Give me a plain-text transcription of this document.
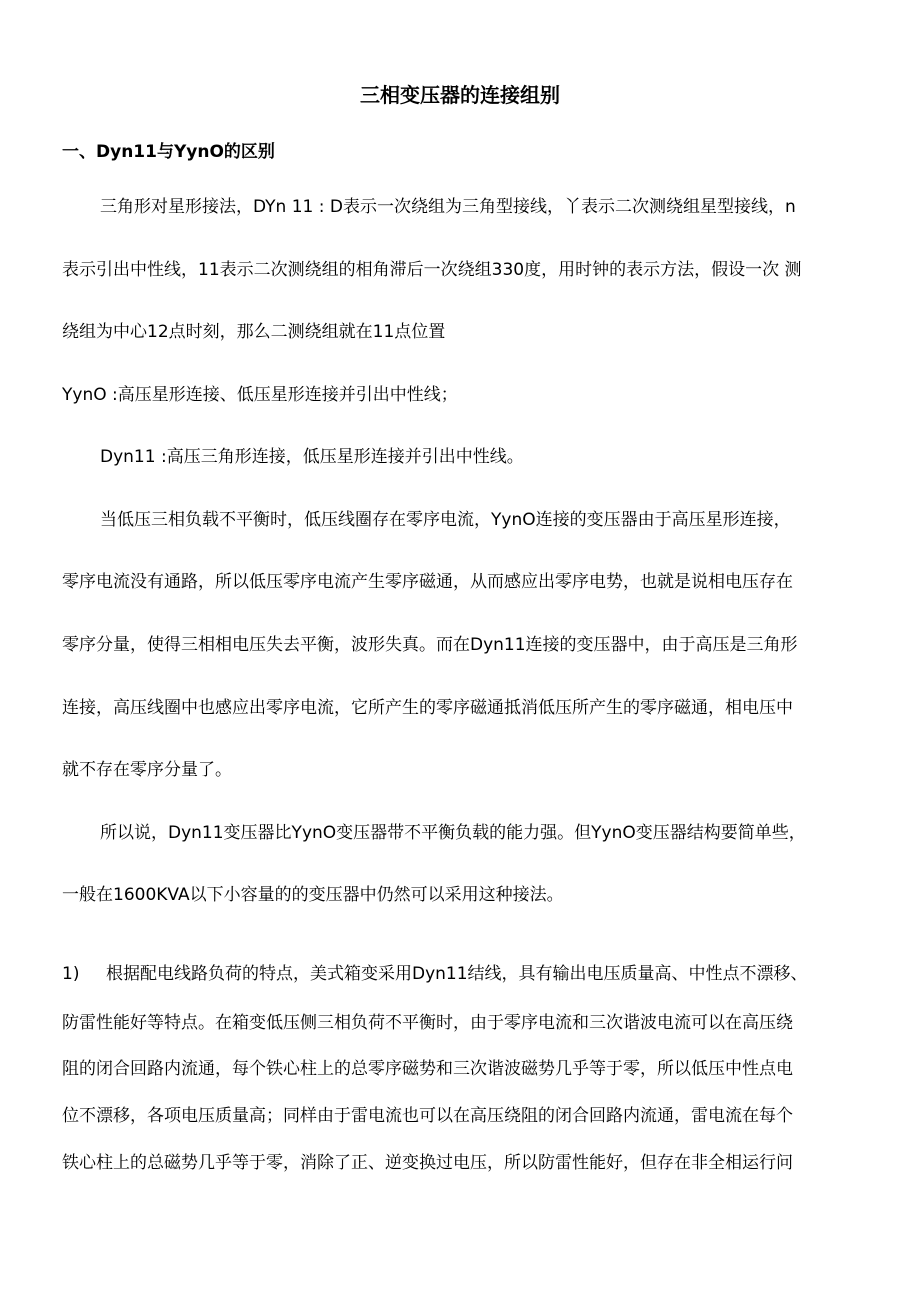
三相变压器的连接组别
一、Dyn11与YynO的区别
三角形对星形接法，DYn 11 : D表示一次绕组为三角型接线，丫表示二次测绕组星型接线，n
表示引出中性线，11表示二次测绕组的相角滞后一次绕组330度，用时钟的表示方法，假设一次 测
绕组为中心12点时刻，那么二测绕组就在11点位置
YynO :高压星形连接、低压星形连接并引出中性线；
Dyn11 :高压三角形连接，低压星形连接并引出中性线。
当低压三相负载不平衡时，低压线圈存在零序电流，YynO连接的变压器由于高压星形连接，
零序电流没有通路，所以低压零序电流产生零序磁通，从而感应出零序电势，也就是说相电压存在
零序分量，使得三相相电压失去平衡，波形失真。而在Dyn11连接的变压器中，由于高压是三角形
连接，高压线圈中也感应出零序电流，它所产生的零序磁通抵消低压所产生的零序磁通，相电压中
就不存在零序分量了。
所以说，Dyn11变压器比YynO变压器带不平衡负载的能力强。但YynO变压器结构要简单些，
一般在1600KVA以下小容量的的变压器中仍然可以采用这种接法。
1) 根据配电线路负荷的特点，美式箱变采用Dyn11结线，具有输出电压质量高、中性点不漂移、
防雷性能好等特点。在箱变低压侧三相负荷不平衡时，由于零序电流和三次谐波电流可以在高压绕
阻的闭合回路内流通，每个铁心柱上的总零序磁势和三次谐波磁势几乎等于零，所以低压中性点电
位不漂移，各项电压质量高；同样由于雷电流也可以在高压绕阻的闭合回路内流通，雷电流在每个
铁心柱上的总磁势几乎等于零，消除了正、逆变换过电压，所以防雷性能好，但存在非全相运行问
